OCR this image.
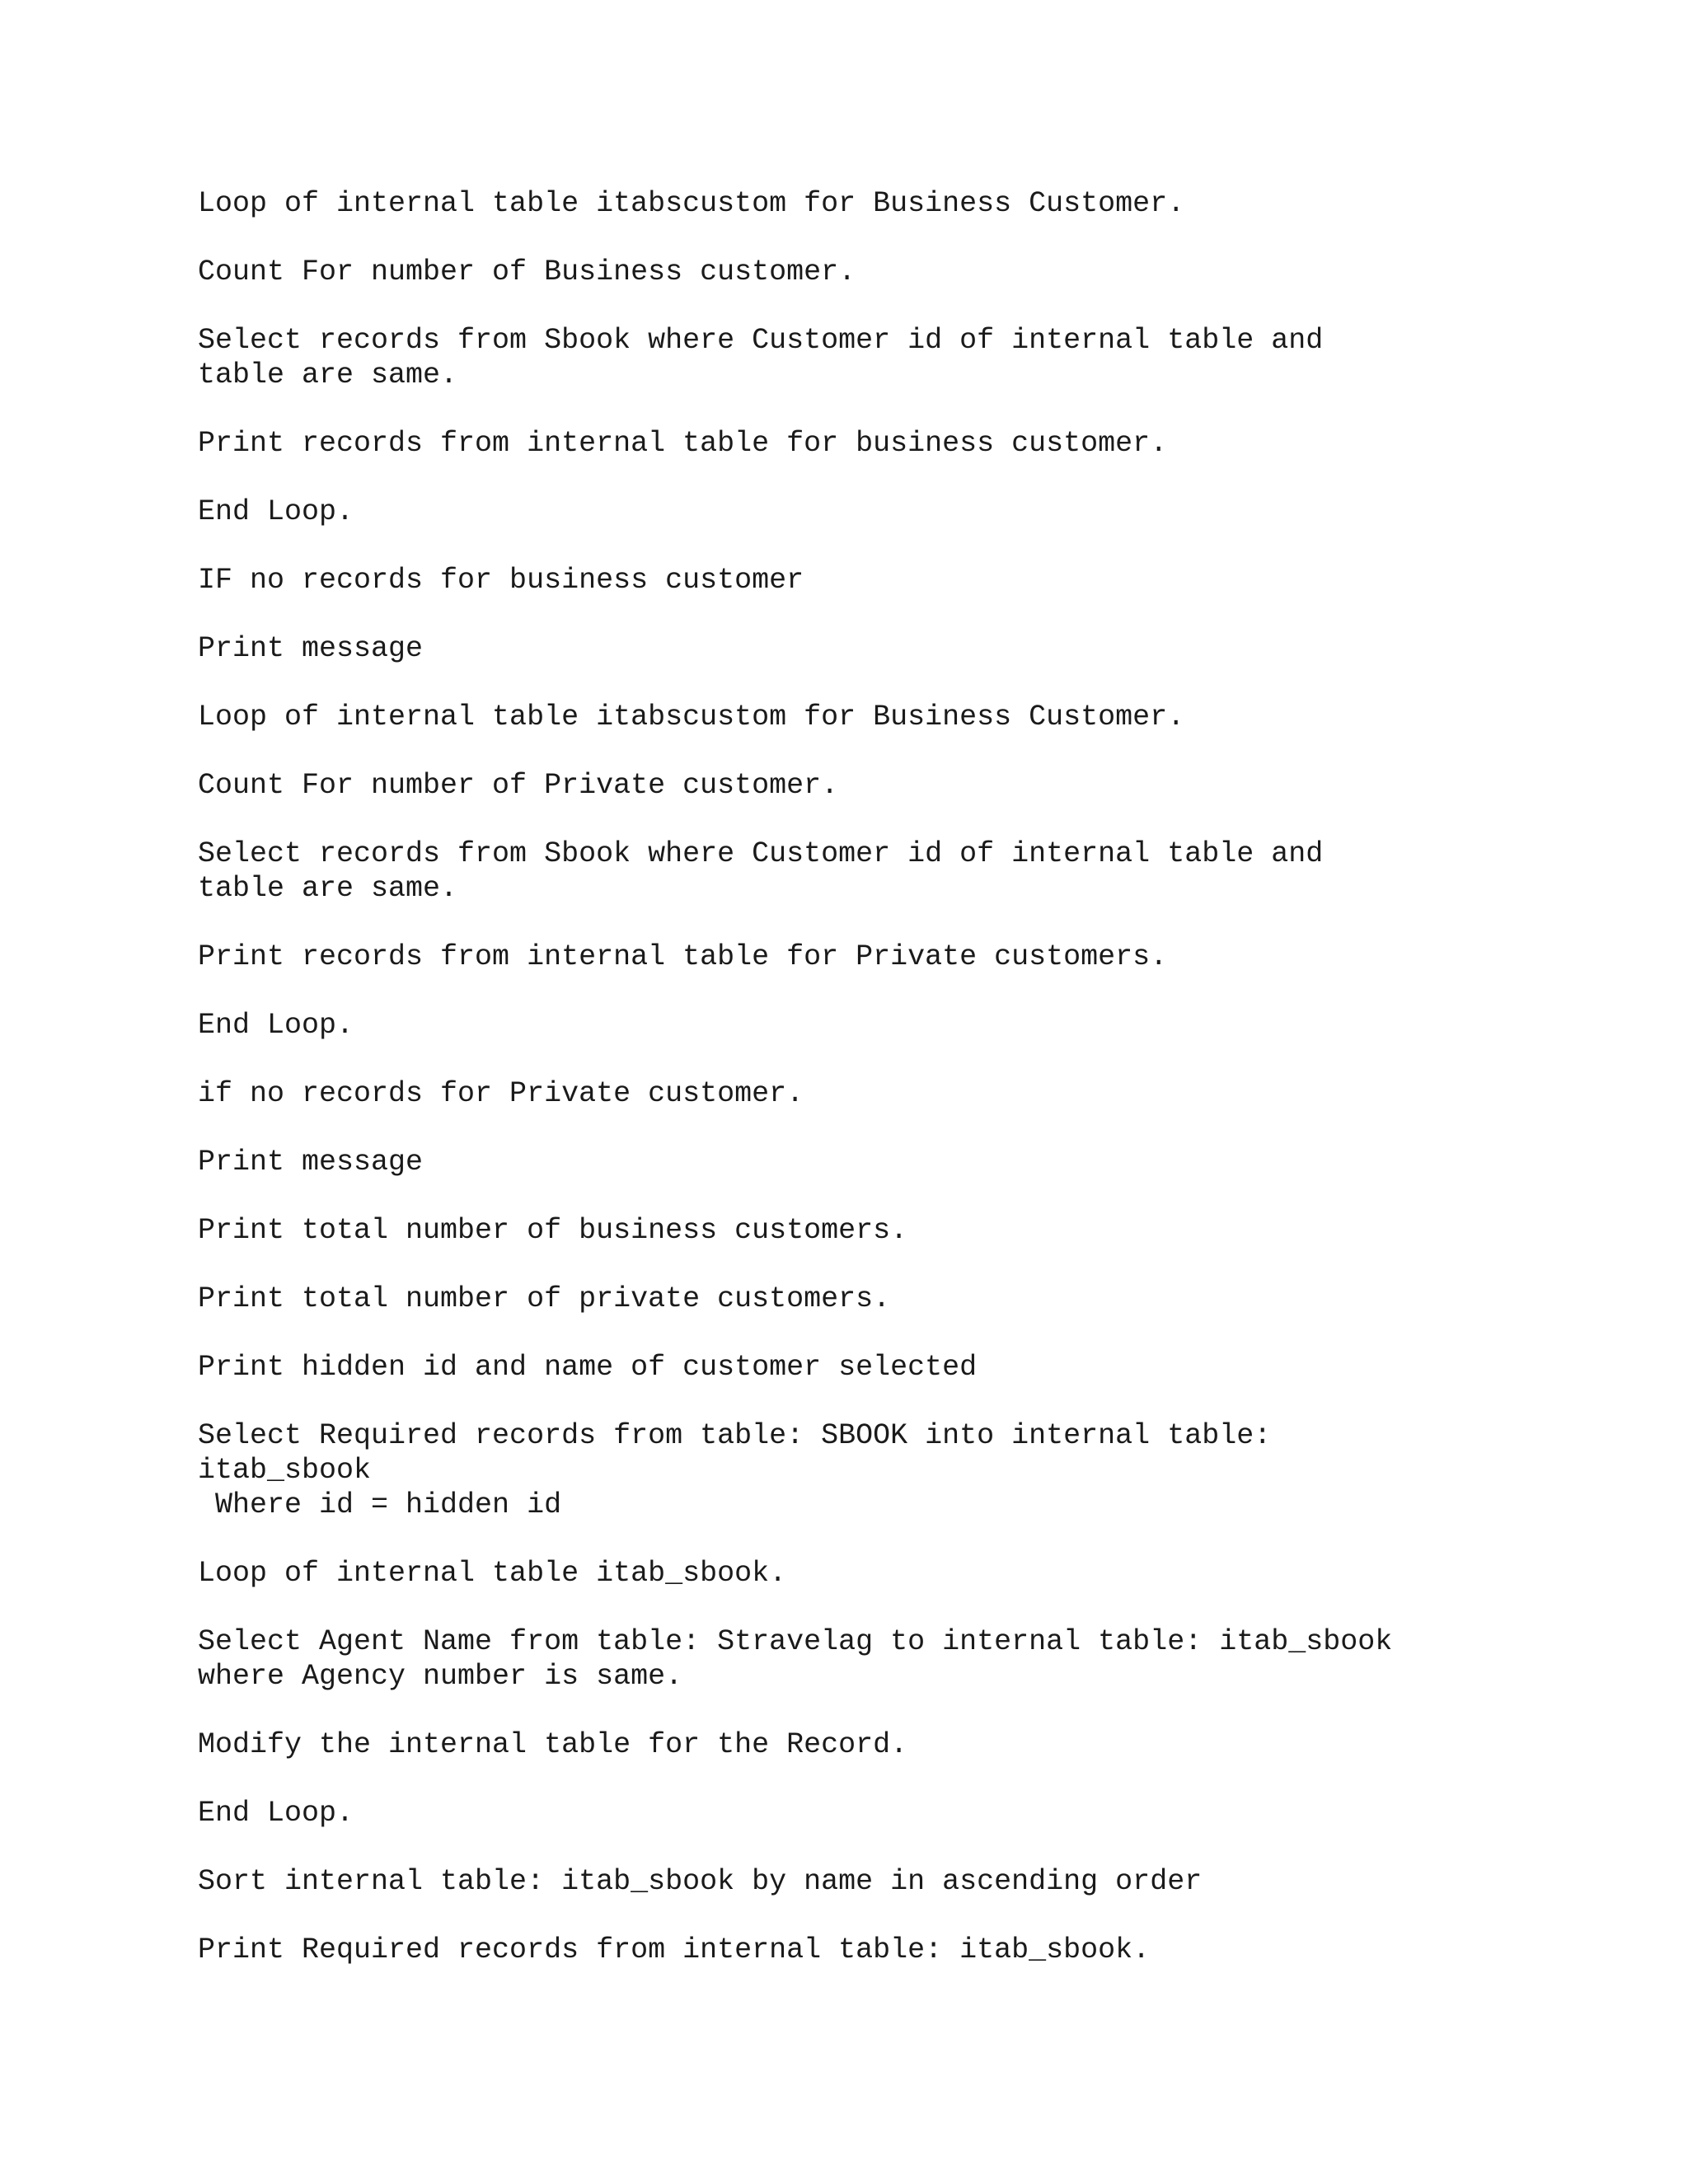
Loop of internal table itabscustom for Business Customer.

Count For number of Business customer.

Select records from Sbook where Customer id of internal table and
table are same.

Print records from internal table for business customer.

End Loop.

IF no records for business customer

Print message

Loop of internal table itabscustom for Business Customer.

Count For number of Private customer.

Select records from Sbook where Customer id of internal table and
table are same.

Print records from internal table for Private customers.

End Loop.

if no records for Private customer.

Print message

Print total number of business customers.

Print total number of private customers.

Print hidden id and name of customer selected

Select Required records from table: SBOOK into internal table:
itab_sbook
Where id = hidden id

Loop of internal table itab_sbook.

Select Agent Name from table: Stravelag to internal table: itab_sbook
where Agency number is same.

Modify the internal table for the Record.

End Loop.

Sort internal table: itab_sbook by name in ascending order

Print Required records from internal table: itab_sbook.
